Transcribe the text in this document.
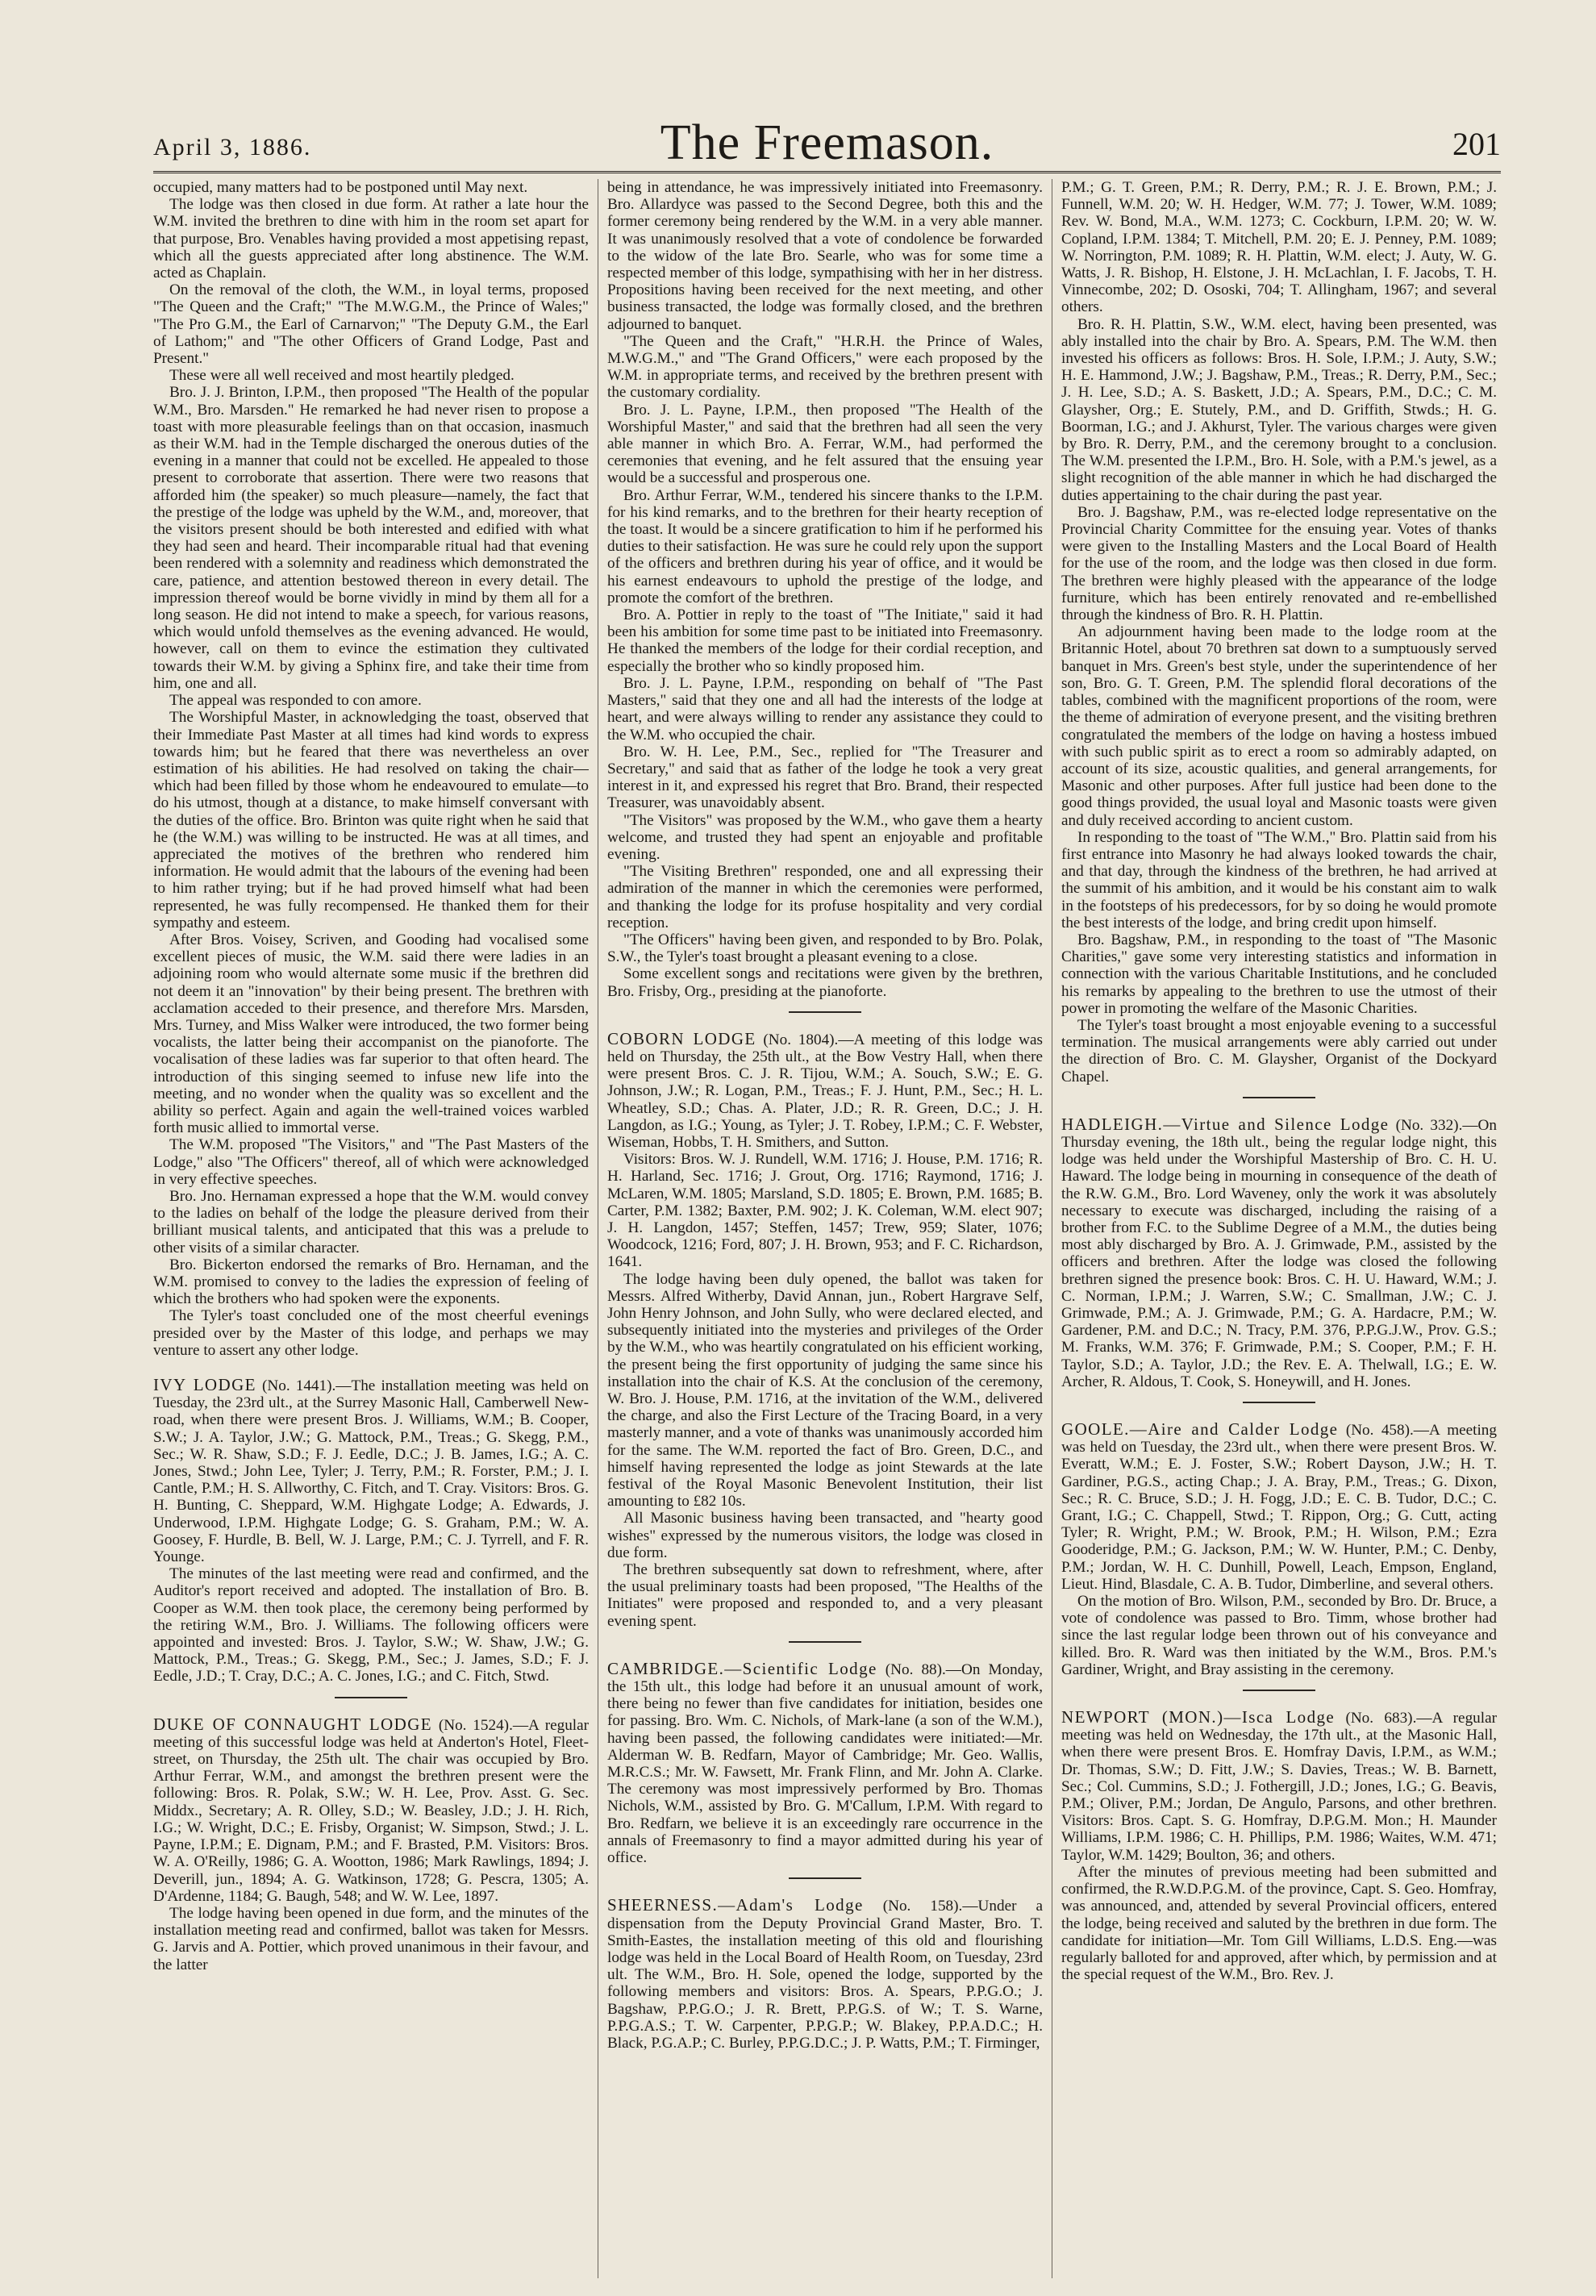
April 3, 1886.	The Freemason.	201

occupied, many matters had to be postponed until May next.

The lodge was then closed in due form. At rather a late hour the W.M. invited the brethren to dine with him in the room set apart for that purpose, Bro. Venables having provided a most appetising repast, which all the guests appreciated after long abstinence. The W.M. acted as Chaplain.

On the removal of the cloth, the W.M., in loyal terms, proposed "The Queen and the Craft;" "The M.W.G.M., the Prince of Wales;" "The Pro G.M., the Earl of Carnarvon;" "The Deputy G.M., the Earl of Lathom;" and "The other Officers of Grand Lodge, Past and Present."

These were all well received and most heartily pledged.

Bro. J. J. Brinton, I.P.M., then proposed "The Health of the popular W.M., Bro. Marsden." He remarked he had never risen to propose a toast with more pleasurable feelings than on that occasion, inasmuch as their W.M. had in the Temple discharged the onerous duties of the evening in a manner that could not be excelled. He appealed to those present to corroborate that assertion. There were two reasons that afforded him (the speaker) so much pleasure—namely, the fact that the prestige of the lodge was upheld by the W.M., and, moreover, that the visitors present should be both interested and edified with what they had seen and heard. Their incomparable ritual had that evening been rendered with a solemnity and readiness which demonstrated the care, patience, and attention bestowed thereon in every detail. The impression thereof would be borne vividly in mind by them all for a long season. He did not intend to make a speech, for various reasons, which would unfold themselves as the evening advanced. He would, however, call on them to evince the estimation they cultivated towards their W.M. by giving a Sphinx fire, and take their time from him, one and all.

The appeal was responded to con amore.

The Worshipful Master, in acknowledging the toast, observed that their Immediate Past Master at all times had kind words to express towards him; but he feared that there was nevertheless an over estimation of his abilities. He had resolved on taking the chair—which had been filled by those whom he endeavoured to emulate—to do his utmost, though at a distance, to make himself conversant with the duties of the office. Bro. Brinton was quite right when he said that he (the W.M.) was willing to be instructed. He was at all times, and appreciated the motives of the brethren who rendered him information. He would admit that the labours of the evening had been to him rather trying; but if he had proved himself what had been represented, he was fully recompensed. He thanked them for their sympathy and esteem.

After Bros. Voisey, Scriven, and Gooding had vocalised some excellent pieces of music, the W.M. said there were ladies in an adjoining room who would alternate some music if the brethren did not deem it an "innovation" by their being present. The brethren with acclamation acceded to their presence, and therefore Mrs. Marsden, Mrs. Turney, and Miss Walker were introduced, the two former being vocalists, the latter being their accompanist on the pianoforte. The vocalisation of these ladies was far superior to that often heard. The introduction of this singing seemed to infuse new life into the meeting, and no wonder when the quality was so excellent and the ability so perfect. Again and again the well-trained voices warbled forth music allied to immortal verse.

The W.M. proposed "The Visitors," and "The Past Masters of the Lodge," also "The Officers" thereof, all of which were acknowledged in very effective speeches.

Bro. Jno. Hernaman expressed a hope that the W.M. would convey to the ladies on behalf of the lodge the pleasure derived from their brilliant musical talents, and anticipated that this was a prelude to other visits of a similar character.

Bro. Bickerton endorsed the remarks of Bro. Hernaman, and the W.M. promised to convey to the ladies the expression of feeling of which the brothers who had spoken were the exponents.

The Tyler's toast concluded one of the most cheerful evenings presided over by the Master of this lodge, and perhaps we may venture to assert any other lodge.

IVY LODGE (No. 1441).—The installation meeting was held on Tuesday, the 23rd ult., at the Surrey Masonic Hall, Camberwell New-road, when there were present Bros. J. Williams, W.M.; B. Cooper, S.W.; J. A. Taylor, J.W.; G. Mattock, P.M., Treas.; G. Skegg, P.M., Sec.; W. R. Shaw, S.D.; F. J. Eedle, D.C.; J. B. James, I.G.; A. C. Jones, Stwd.; John Lee, Tyler; J. Terry, P.M.; R. Forster, P.M.; J. I. Cantle, P.M.; H. S. Allworthy, C. Fitch, and T. Cray. Visitors: Bros. G. H. Bunting, C. Sheppard, W.M. Highgate Lodge; A. Edwards, J. Underwood, I.P.M. Highgate Lodge; G. S. Graham, P.M.; W. A. Goosey, F. Hurdle, B. Bell, W. J. Large, P.M.; C. J. Tyrrell, and F. R. Younge.

The minutes of the last meeting were read and confirmed, and the Auditor's report received and adopted. The installation of Bro. B. Cooper as W.M. then took place, the ceremony being performed by the retiring W.M., Bro. J. Williams. The following officers were appointed and invested: Bros. J. Taylor, S.W.; W. Shaw, J.W.; G. Mattock, P.M., Treas.; G. Skegg, P.M., Sec.; J. James, S.D.; F. J. Eedle, J.D.; T. Cray, D.C.; A. C. Jones, I.G.; and C. Fitch, Stwd.

DUKE OF CONNAUGHT LODGE (No. 1524).—A regular meeting of this successful lodge was held at Anderton's Hotel, Fleet-street, on Thursday, the 25th ult. The chair was occupied by Bro. Arthur Ferrar, W.M., and amongst the brethren present were the following: Bros. R. Polak, S.W.; W. H. Lee, Prov. Asst. G. Sec. Middx., Secretary; A. R. Olley, S.D.; W. Beasley, J.D.; J. H. Rich, I.G.; W. Wright, D.C.; E. Frisby, Organist; W. Simpson, Stwd.; J. L. Payne, I.P.M.; E. Dignam, P.M.; and F. Brasted, P.M. Visitors: Bros. W. A. O'Reilly, 1986; G. A. Wootton, 1986; Mark Rawlings, 1894; J. Deverill, jun., 1894; A. G. Watkinson, 1728; G. Pescra, 1305; A. D'Ardenne, 1184; G. Baugh, 548; and W. W. Lee, 1897.

The lodge having been opened in due form, and the minutes of the installation meeting read and confirmed, ballot was taken for Messrs. G. Jarvis and A. Pottier, which proved unanimous in their favour, and the latter

being in attendance, he was impressively initiated into Freemasonry. Bro. Allardyce was passed to the Second Degree, both this and the former ceremony being rendered by the W.M. in a very able manner. It was unanimously resolved that a vote of condolence be forwarded to the widow of the late Bro. Searle, who was for some time a respected member of this lodge, sympathising with her in her distress. Propositions having been received for the next meeting, and other business transacted, the lodge was formally closed, and the brethren adjourned to banquet.

"The Queen and the Craft," "H.R.H. the Prince of Wales, M.W.G.M.," and "The Grand Officers," were each proposed by the W.M. in appropriate terms, and received by the brethren present with the customary cordiality.

Bro. J. L. Payne, I.P.M., then proposed "The Health of the Worshipful Master," and said that the brethren had all seen the very able manner in which Bro. A. Ferrar, W.M., had performed the ceremonies that evening, and he felt assured that the ensuing year would be a successful and prosperous one.

Bro. Arthur Ferrar, W.M., tendered his sincere thanks to the I.P.M. for his kind remarks, and to the brethren for their hearty reception of the toast. It would be a sincere gratification to him if he performed his duties to their satisfaction. He was sure he could rely upon the support of the officers and brethren during his year of office, and it would be his earnest endeavours to uphold the prestige of the lodge, and promote the comfort of the brethren.

Bro. A. Pottier in reply to the toast of "The Initiate," said it had been his ambition for some time past to be initiated into Freemasonry. He thanked the members of the lodge for their cordial reception, and especially the brother who so kindly proposed him.

Bro. J. L. Payne, I.P.M., responding on behalf of "The Past Masters," said that they one and all had the interests of the lodge at heart, and were always willing to render any assistance they could to the W.M. who occupied the chair.

Bro. W. H. Lee, P.M., Sec., replied for "The Treasurer and Secretary," and said that as father of the lodge he took a very great interest in it, and expressed his regret that Bro. Brand, their respected Treasurer, was unavoidably absent.

"The Visitors" was proposed by the W.M., who gave them a hearty welcome, and trusted they had spent an enjoyable and profitable evening.

"The Visiting Brethren" responded, one and all expressing their admiration of the manner in which the ceremonies were performed, and thanking the lodge for its profuse hospitality and very cordial reception.

"The Officers" having been given, and responded to by Bro. Polak, S.W., the Tyler's toast brought a pleasant evening to a close.

Some excellent songs and recitations were given by the brethren, Bro. Frisby, Org., presiding at the pianoforte.

COBORN LODGE (No. 1804).—A meeting of this lodge was held on Thursday, the 25th ult., at the Bow Vestry Hall, when there were present Bros. C. J. R. Tijou, W.M.; A. Souch, S.W.; E. G. Johnson, J.W.; R. Logan, P.M., Treas.; F. J. Hunt, P.M., Sec.; H. L. Wheatley, S.D.; Chas. A. Plater, J.D.; R. R. Green, D.C.; J. H. Langdon, as I.G.; Young, as Tyler; J. T. Robey, I.P.M.; C. F. Webster, Wiseman, Hobbs, T. H. Smithers, and Sutton.

Visitors: Bros. W. J. Rundell, W.M. 1716; J. House, P.M. 1716; R. H. Harland, Sec. 1716; J. Grout, Org. 1716; Raymond, 1716; J. McLaren, W.M. 1805; Marsland, S.D. 1805; E. Brown, P.M. 1685; B. Carter, P.M. 1382; Baxter, P.M. 902; J. K. Coleman, W.M. elect 907; J. H. Langdon, 1457; Steffen, 1457; Trew, 959; Slater, 1076; Woodcock, 1216; Ford, 807; J. H. Brown, 953; and F. C. Richardson, 1641.

The lodge having been duly opened, the ballot was taken for Messrs. Alfred Witherby, David Annan, jun., Robert Hargrave Self, John Henry Johnson, and John Sully, who were declared elected, and subsequently initiated into the mysteries and privileges of the Order by the W.M., who was heartily congratulated on his efficient working, the present being the first opportunity of judging the same since his installation into the chair of K.S. At the conclusion of the ceremony, W. Bro. J. House, P.M. 1716, at the invitation of the W.M., delivered the charge, and also the First Lecture of the Tracing Board, in a very masterly manner, and a vote of thanks was unanimously accorded him for the same. The W.M. reported the fact of Bro. Green, D.C., and himself having represented the lodge as joint Stewards at the late festival of the Royal Masonic Benevolent Institution, their list amounting to £82 10s.

All Masonic business having been transacted, and "hearty good wishes" expressed by the numerous visitors, the lodge was closed in due form.

The brethren subsequently sat down to refreshment, where, after the usual preliminary toasts had been proposed, "The Healths of the Initiates" were proposed and responded to, and a very pleasant evening spent.

CAMBRIDGE.—Scientific Lodge (No. 88).—On Monday, the 15th ult., this lodge had before it an unusual amount of work, there being no fewer than five candidates for initiation, besides one for passing. Bro. Wm. C. Nichols, of Mark-lane (a son of the W.M.), having been passed, the following candidates were initiated:—Mr. Alderman W. B. Redfarn, Mayor of Cambridge; Mr. Geo. Wallis, M.R.C.S.; Mr. W. Fawsett, Mr. Frank Flinn, and Mr. John A. Clarke. The ceremony was most impressively performed by Bro. Thomas Nichols, W.M., assisted by Bro. G. M'Callum, I.P.M. With regard to Bro. Redfarn, we believe it is an exceedingly rare occurrence in the annals of Freemasonry to find a mayor admitted during his year of office.

SHEERNESS.—Adam's Lodge (No. 158).—Under a dispensation from the Deputy Provincial Grand Master, Bro. T. Smith-Eastes, the installation meeting of this old and flourishing lodge was held in the Local Board of Health Room, on Tuesday, 23rd ult. The W.M., Bro. H. Sole, opened the lodge, supported by the following members and visitors: Bros. A. Spears, P.P.G.O.; J. Bagshaw, P.P.G.O.; J. R. Brett, P.P.G.S. of W.; T. S. Warne, P.P.G.A.S.; T. W. Carpenter, P.P.G.P.; W. Blakey, P.P.A.D.C.; H. Black, P.G.A.P.; C. Burley, P.P.G.D.C.; J. P. Watts, P.M.; T. Firminger,

P.M.; G. T. Green, P.M.; R. Derry, P.M.; R. J. E. Brown, P.M.; J. Funnell, W.M. 20; W. H. Hedger, W.M. 77; J. Tower, W.M. 1089; Rev. W. Bond, M.A., W.M. 1273; C. Cockburn, I.P.M. 20; W. W. Copland, I.P.M. 1384; T. Mitchell, P.M. 20; E. J. Penney, P.M. 1089; W. Norrington, P.M. 1089; R. H. Plattin, W.M. elect; J. Auty, W. G. Watts, J. R. Bishop, H. Elstone, J. H. McLachlan, I. F. Jacobs, T. H. Vinnecombe, 202; D. Ososki, 704; T. Allingham, 1967; and several others.

Bro. R. H. Plattin, S.W., W.M. elect, having been presented, was ably installed into the chair by Bro. A. Spears, P.M. The W.M. then invested his officers as follows: Bros. H. Sole, I.P.M.; J. Auty, S.W.; H. E. Hammond, J.W.; J. Bagshaw, P.M., Treas.; R. Derry, P.M., Sec.; J. H. Lee, S.D.; A. S. Baskett, J.D.; A. Spears, P.M., D.C.; C. M. Glaysher, Org.; E. Stutely, P.M., and D. Griffith, Stwds.; H. G. Boorman, I.G.; and J. Akhurst, Tyler. The various charges were given by Bro. R. Derry, P.M., and the ceremony brought to a conclusion. The W.M. presented the I.P.M., Bro. H. Sole, with a P.M.'s jewel, as a slight recognition of the able manner in which he had discharged the duties appertaining to the chair during the past year.

Bro. J. Bagshaw, P.M., was re-elected lodge representative on the Provincial Charity Committee for the ensuing year. Votes of thanks were given to the Installing Masters and the Local Board of Health for the use of the room, and the lodge was then closed in due form. The brethren were highly pleased with the appearance of the lodge furniture, which has been entirely renovated and re-embellished through the kindness of Bro. R. H. Plattin.

An adjournment having been made to the lodge room at the Britannic Hotel, about 70 brethren sat down to a sumptuously served banquet in Mrs. Green's best style, under the superintendence of her son, Bro. G. T. Green, P.M. The splendid floral decorations of the tables, combined with the magnificent proportions of the room, were the theme of admiration of everyone present, and the visiting brethren congratulated the members of the lodge on having a hostess imbued with such public spirit as to erect a room so admirably adapted, on account of its size, acoustic qualities, and general arrangements, for Masonic and other purposes. After full justice had been done to the good things provided, the usual loyal and Masonic toasts were given and duly received according to ancient custom.

In responding to the toast of "The W.M.," Bro. Plattin said from his first entrance into Masonry he had always looked towards the chair, and that day, through the kindness of the brethren, he had arrived at the summit of his ambition, and it would be his constant aim to walk in the footsteps of his predecessors, for by so doing he would promote the best interests of the lodge, and bring credit upon himself.

Bro. Bagshaw, P.M., in responding to the toast of "The Masonic Charities," gave some very interesting statistics and information in connection with the various Charitable Institutions, and he concluded his remarks by appealing to the brethren to use the utmost of their power in promoting the welfare of the Masonic Charities.

The Tyler's toast brought a most enjoyable evening to a successful termination. The musical arrangements were ably carried out under the direction of Bro. C. M. Glaysher, Organist of the Dockyard Chapel.

HADLEIGH.—Virtue and Silence Lodge (No. 332).—On Thursday evening, the 18th ult., being the regular lodge night, this lodge was held under the Worshipful Mastership of Bro. C. H. U. Haward. The lodge being in mourning in consequence of the death of the R.W. G.M., Bro. Lord Waveney, only the work it was absolutely necessary to execute was discharged, including the raising of a brother from F.C. to the Sublime Degree of a M.M., the duties being most ably discharged by Bro. A. J. Grimwade, P.M., assisted by the officers and brethren. After the lodge was closed the following brethren signed the presence book: Bros. C. H. U. Haward, W.M.; J. C. Norman, I.P.M.; J. Warren, S.W.; C. Smallman, J.W.; C. J. Grimwade, P.M.; A. J. Grimwade, P.M.; G. A. Hardacre, P.M.; W. Gardener, P.M. and D.C.; N. Tracy, P.M. 376, P.P.G.J.W., Prov. G.S.; M. Franks, W.M. 376; F. Grimwade, P.M.; S. Cooper, P.M.; F. H. Taylor, S.D.; A. Taylor, J.D.; the Rev. E. A. Thelwall, I.G.; E. W. Archer, R. Aldous, T. Cook, S. Honeywill, and H. Jones.

GOOLE.—Aire and Calder Lodge (No. 458).—A meeting was held on Tuesday, the 23rd ult., when there were present Bros. W. Everatt, W.M.; E. J. Foster, S.W.; Robert Dayson, J.W.; H. T. Gardiner, P.G.S., acting Chap.; J. A. Bray, P.M., Treas.; G. Dixon, Sec.; R. C. Bruce, S.D.; J. H. Fogg, J.D.; E. C. B. Tudor, D.C.; C. Grant, I.G.; C. Chappell, Stwd.; T. Rippon, Org.; G. Cutt, acting Tyler; R. Wright, P.M.; W. Brook, P.M.; H. Wilson, P.M.; Ezra Gooderidge, P.M.; G. Jackson, P.M.; W. W. Hunter, P.M.; C. Denby, P.M.; Jordan, W. H. C. Dunhill, Powell, Leach, Empson, England, Lieut. Hind, Blasdale, C. A. B. Tudor, Dimberline, and several others.

On the motion of Bro. Wilson, P.M., seconded by Bro. Dr. Bruce, a vote of condolence was passed to Bro. Timm, whose brother had since the last regular lodge been thrown out of his conveyance and killed. Bro. R. Ward was then initiated by the W.M., Bros. P.M.'s Gardiner, Wright, and Bray assisting in the ceremony.

NEWPORT (MON.)—Isca Lodge (No. 683).—A regular meeting was held on Wednesday, the 17th ult., at the Masonic Hall, when there were present Bros. E. Homfray Davis, I.P.M., as W.M.; Dr. Thomas, S.W.; D. Fitt, J.W.; S. Davies, Treas.; W. B. Barnett, Sec.; Col. Cummins, S.D.; J. Fothergill, J.D.; Jones, I.G.; G. Beavis, P.M.; Oliver, P.M.; Jordan, De Angulo, Parsons, and other brethren. Visitors: Bros. Capt. S. G. Homfray, D.P.G.M. Mon.; H. Maunder Williams, I.P.M. 1986; C. H. Phillips, P.M. 1986; Waites, W.M. 471; Taylor, W.M. 1429; Boulton, 36; and others.

After the minutes of previous meeting had been submitted and confirmed, the R.W.D.P.G.M. of the province, Capt. S. Geo. Homfray, was announced, and, attended by several Provincial officers, entered the lodge, being received and saluted by the brethren in due form. The candidate for initiation—Mr. Tom Gill Williams, L.D.S. Eng.—was regularly balloted for and approved, after which, by permission and at the special request of the W.M., Bro. Rev. J.
